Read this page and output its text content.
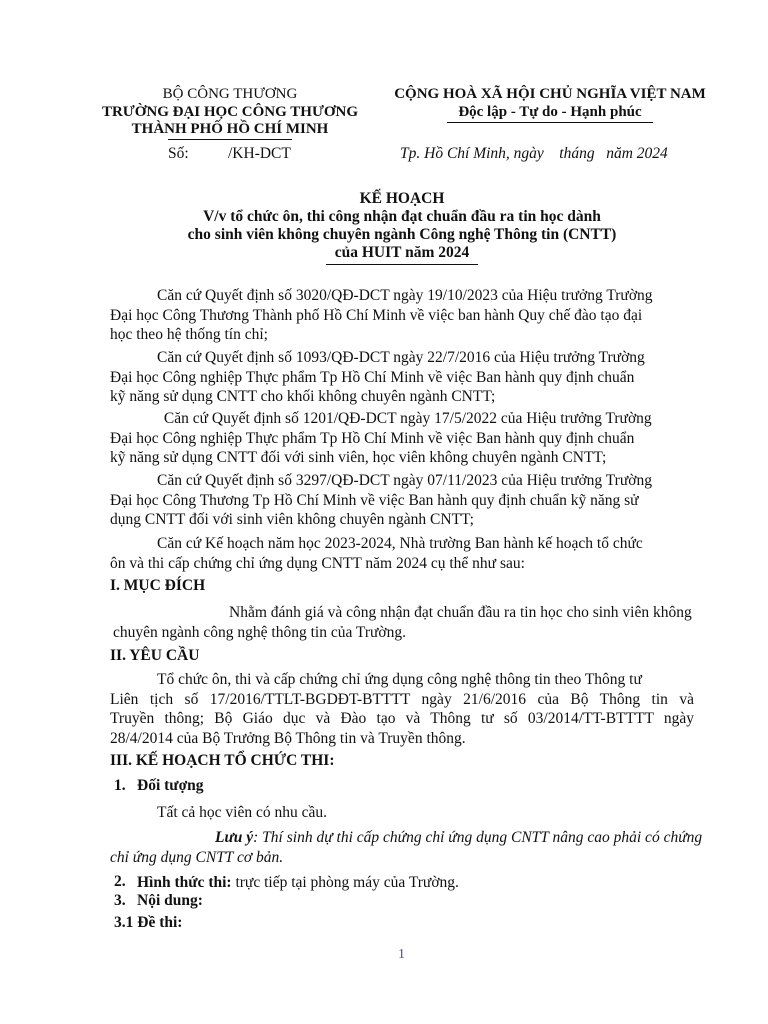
BỘ CÔNG THƯƠNG
TRƯỜNG ĐẠI HỌC CÔNG THƯƠNG
THÀNH PHỐ HỒ CHÍ MINH
CỘNG HOÀ XÃ HỘI CHỦ NGHĨA VIỆT NAM
Độc lập - Tự do - Hạnh phúc
Số:	/KH-DCT	Tp. Hồ Chí Minh, ngày    tháng   năm 2024
KẾ HOẠCH
V/v tổ chức ôn, thi công nhận đạt chuẩn đầu ra tin học dành
cho sinh viên không chuyên ngành Công nghệ Thông tin (CNTT)
của HUIT năm 2024

Căn cứ Quyết định số 3020/QĐ-DCT ngày 19/10/2023 của Hiệu trưởng Trường

Đại học Công Thương Thành phố Hồ Chí Minh về việc ban hành Quy chế đào tạo đại

học theo hệ thống tín chỉ;

Căn cứ Quyết định số 1093/QĐ-DCT ngày 22/7/2016 của Hiệu trưởng Trường

Đại học Công nghiệp Thực phẩm Tp Hồ Chí Minh về việc Ban hành quy định chuẩn

kỹ năng sử dụng CNTT cho khối không chuyên ngành CNTT;

Căn cứ Quyết định số 1201/QĐ-DCT ngày 17/5/2022 của Hiệu trưởng Trường

Đại học Công nghiệp Thực phẩm Tp Hồ Chí Minh về việc Ban hành quy định chuẩn

kỹ năng sử dụng CNTT đối với sinh viên, học viên không chuyên ngành CNTT;

Căn cứ Quyết định số 3297/QĐ-DCT ngày 07/11/2023 của Hiệu trưởng Trường

Đại học Công Thương Tp Hồ Chí Minh về việc Ban hành quy định chuẩn kỹ năng sử

dụng CNTT đối với sinh viên không chuyên ngành CNTT;

Căn cứ Kế hoạch năm học 2023-2024, Nhà trường Ban hành kế hoạch tổ chức

ôn và thi cấp chứng chỉ ứng dụng CNTT năm 2024 cụ thể như sau:

I. MỤC ĐÍCH
Nhằm đánh giá và công nhận đạt chuẩn đầu ra tin học cho sinh viên không
chuyên ngành công nghệ thông tin của Trường.
II. YÊU CẦU

Tổ chức ôn, thi và cấp chứng chỉ ứng dụng công nghệ thông tin theo Thông tư

Liên tịch số 17/2016/TTLT-BGDĐT-BTTTT ngày 21/6/2016 của Bộ Thông tin và

Truyền thông; Bộ Giáo dục và Đào tạo và Thông tư số 03/2014/TT-BTTTT ngày

28/4/2014 của Bộ Trưởng Bộ Thông tin và Truyền thông.

III. KẾ HOẠCH TỔ CHỨC THI:
1. Đối tượng
Tất cả học viên có nhu cầu.
Lưu ý: Thí sinh dự thi cấp chứng chỉ ứng dụng CNTT nâng cao phải có chứng
chỉ ứng dụng CNTT cơ bản.
2. Hình thức thi: trực tiếp tại phòng máy của Trường.
3. Nội dung:
3.1 Đề thi:
1
